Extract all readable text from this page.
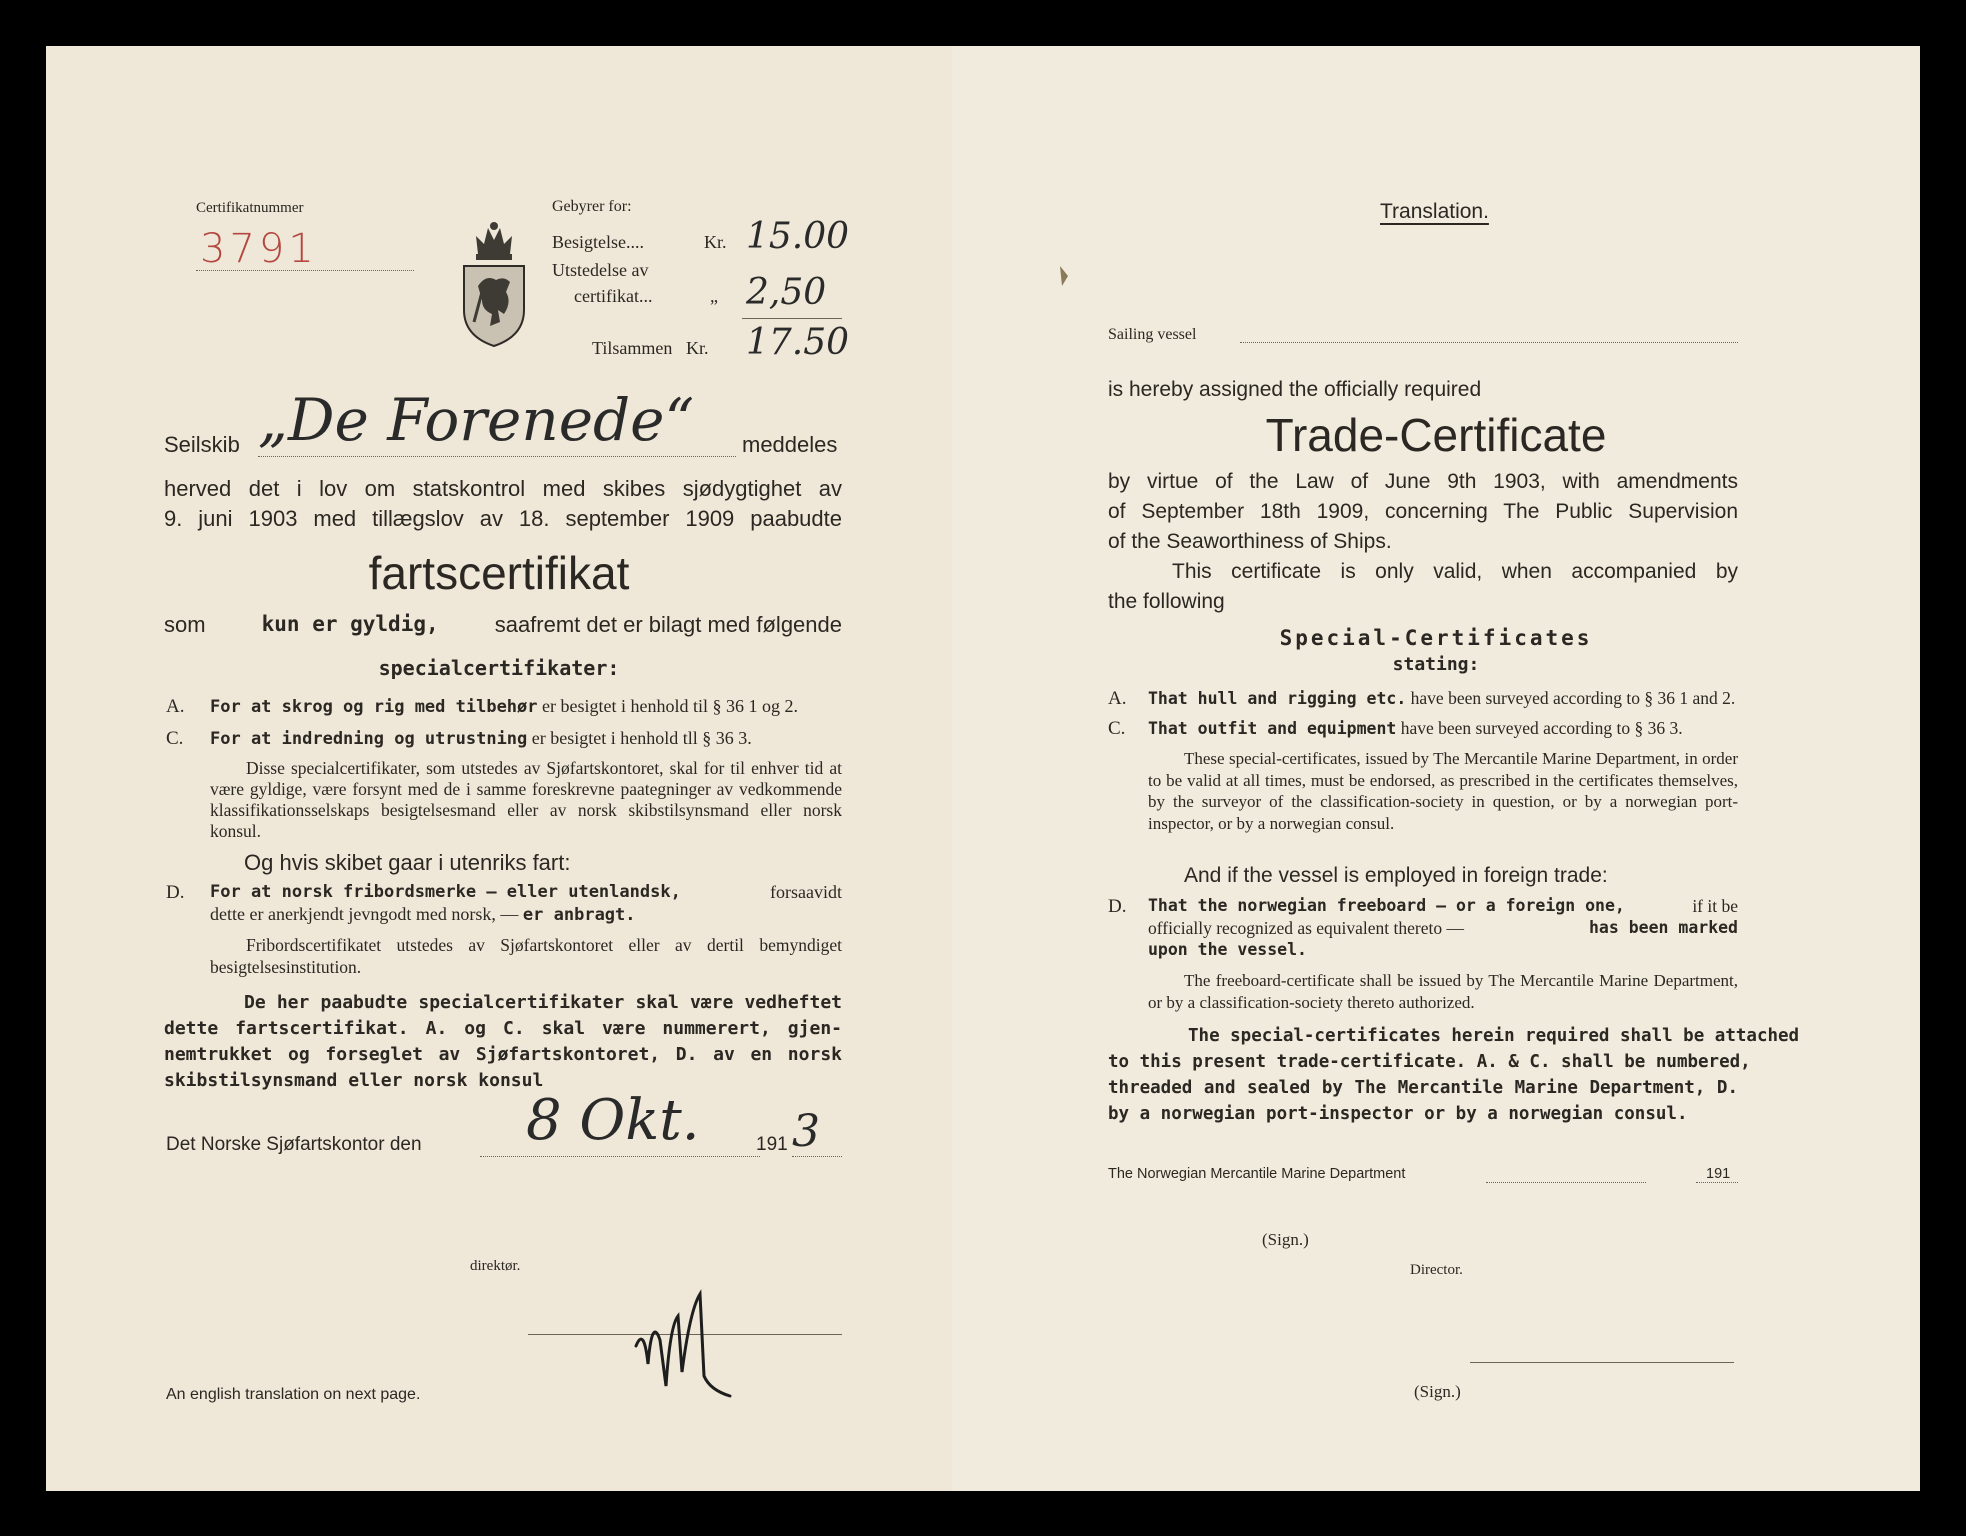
Certifikatnummer
3791
Gebyrer for:
Besigtelse....	Kr. 15.00
Utstedelse av
certifikat...	„ 2,50
Tilsammen Kr. 17.50
Seilskib „De Forenede“ meddeles
herved det i lov om statskontrol med skibes sjødygtighet av
9. juni 1903 med tillægslov av 18. september 1909 paabudte
fartscertifikat
som	kun er gyldig,	saafremt det er bilagt med følgende
specialcertifikater:
A. For at skrog og rig med tilbehør er besigtet i henhold til § 36 1 og 2.
C. For at indredning og utrustning er besigtet i henhold tll § 36 3.
Disse specialcertifikater, som utstedes av Sjøfartskontoret, skal for til enhver tid at være gyldige, være forsynt med de i samme foreskrevne paategninger av vedkommende klassifikationsselskaps besigtelsesmand eller av norsk skibstilsynsmand eller norsk konsul.
Og hvis skibet gaar i utenriks fart:
D. For at norsk fribordsmerke — eller utenlandsk,	forsaavidt
dette er anerkjendt jevngodt med norsk, — er anbragt.
Fribordscertifikatet utstedes av Sjøfartskontoret eller av dertil bemyndiget besigtelsesinstitution.
De her paabudte specialcertifikater skal være vedheftet
dette fartscertifikat. A. og C. skal være nummerert, gjen-
nemtrukket og forseglet av Sjøfartskontoret, D. av en norsk
skibstilsynsmand eller norsk konsul
Det Norske Sjøfartskontor den 8 Okt.	191 3
direktør.
An english translation on next page.
Translation.
Sailing vessel
is hereby assigned the officially required
Trade-Certificate
by virtue of the Law of June 9th 1903, with amendments
of September 18th 1909, concerning The Public Supervision
of the Seaworthiness of Ships.
This certificate is only valid, when accompanied by
the following
Special-Certificates
stating:
A. That hull and rigging etc. have been surveyed according to § 36 1 and 2.
C. That outfit and equipment have been surveyed according to § 36 3.
These special-certificates, issued by The Mercantile Marine Department, in order to be valid at all times, must be endorsed, as prescribed in the certificates themselves, by the surveyor of the classification-society in question, or by a norwegian port-inspector, or by a norwegian consul.
And if the vessel is employed in foreign trade:
D. That the norwegian freeboard — or a foreign one,	if it be
officially recognized as equivalent thereto —	has been marked
upon the vessel.
The freeboard-certificate shall be issued by The Mercantile Marine Department, or by a classification-society thereto authorized.
The special-certificates herein required shall be attached
to this present trade-certificate. A. & C. shall be numbered,
threaded and sealed by The Mercantile Marine Department, D.
by a norwegian port-inspector or by a norwegian consul.
The Norwegian Mercantile Marine Department	191
(Sign.)
Director.
(Sign.)
